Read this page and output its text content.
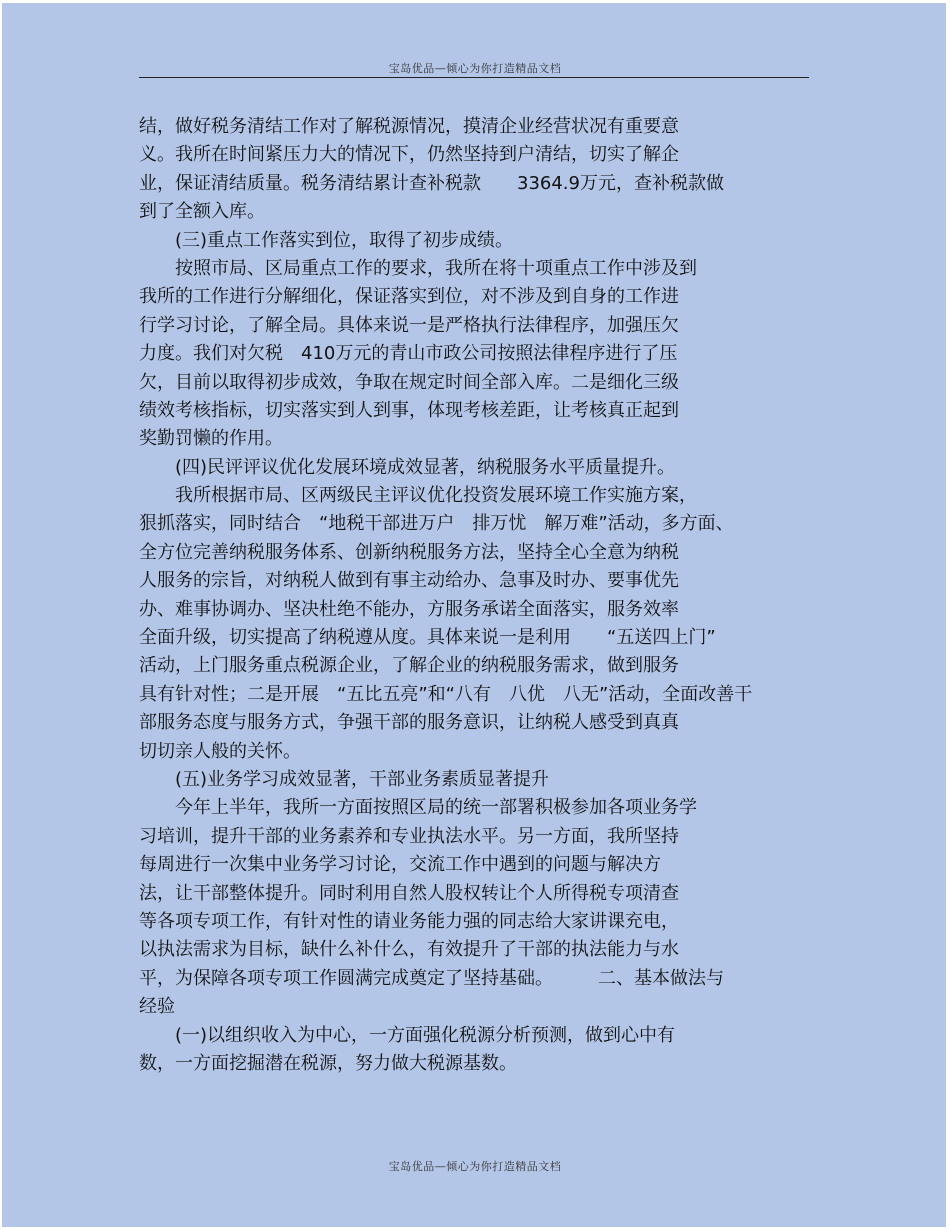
宝岛优品—倾心为你打造精品文档
结，做好税务清结工作对了解税源情况，摸清企业经营状况有重要意
义。我所在时间紧压力大的情况下，仍然坚持到户清结，切实了解企
业，保证清结质量。税务清结累计查补税款　　3364.9万元，查补税款做
到了全额入库。
　　(三)重点工作落实到位，取得了初步成绩。
　　按照市局、区局重点工作的要求，我所在将十项重点工作中涉及到
我所的工作进行分解细化，保证落实到位，对不涉及到自身的工作进
行学习讨论，了解全局。具体来说一是严格执行法律程序，加强压欠
力度。我们对欠税　410万元的青山市政公司按照法律程序进行了压
欠，目前以取得初步成效，争取在规定时间全部入库。二是细化三级
绩效考核指标，切实落实到人到事，体现考核差距，让考核真正起到
奖勤罚懒的作用。
　　(四)民评评议优化发展环境成效显著，纳税服务水平质量提升。
　　我所根据市局、区两级民主评议优化投资发展环境工作实施方案，
狠抓落实，同时结合　“地税干部进万户　排万忧　解万难”活动，多方面、
全方位完善纳税服务体系、创新纳税服务方法，坚持全心全意为纳税
人服务的宗旨，对纳税人做到有事主动给办、急事及时办、要事优先
办、难事协调办、坚决杜绝不能办，方服务承诺全面落实，服务效率
全面升级，切实提高了纳税遵从度。具体来说一是利用　　“五送四上门”
活动，上门服务重点税源企业，了解企业的纳税服务需求，做到服务
具有针对性；二是开展　“五比五亮”和“八有　八优　八无”活动，全面改善干
部服务态度与服务方式，争强干部的服务意识，让纳税人感受到真真
切切亲人般的关怀。
　　(五)业务学习成效显著，干部业务素质显著提升
　　今年上半年，我所一方面按照区局的统一部署积极参加各项业务学
习培训，提升干部的业务素养和专业执法水平。另一方面，我所坚持
每周进行一次集中业务学习讨论，交流工作中遇到的问题与解决方
法，让干部整体提升。同时利用自然人股权转让个人所得税专项清查
等各项专项工作，有针对性的请业务能力强的同志给大家讲课充电，
以执法需求为目标，缺什么补什么，有效提升了干部的执法能力与水
平，为保障各项专项工作圆满完成奠定了坚持基础。　　　二、基本做法与
经验
　　(一)以组织收入为中心，一方面强化税源分析预测，做到心中有
数，一方面挖掘潜在税源，努力做大税源基数。
宝岛优品—倾心为你打造精品文档
